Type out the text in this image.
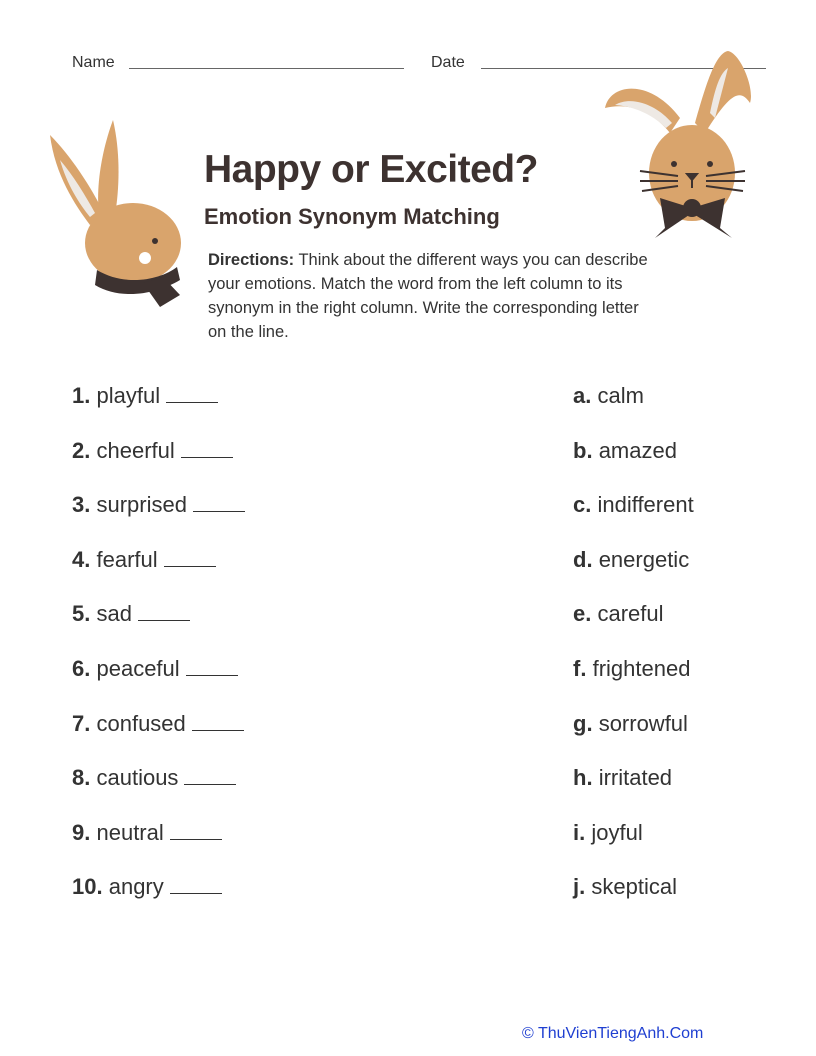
Name	Date
Happy or Excited?
Emotion Synonym Matching
Directions: Think about the different ways you can describe your emotions. Match the word from the left column to its synonym in the right column. Write the corresponding letter on the line.
1. playful
2. cheerful
3. surprised
4. fearful
5. sad
6. peaceful
7. confused
8. cautious
9. neutral
10. angry
a. calm
b. amazed
c. indifferent
d. energetic
e. careful
f. frightened
g. sorrowful
h. irritated
i. joyful
j. skeptical
© ThuVienTiengAnh.Com
